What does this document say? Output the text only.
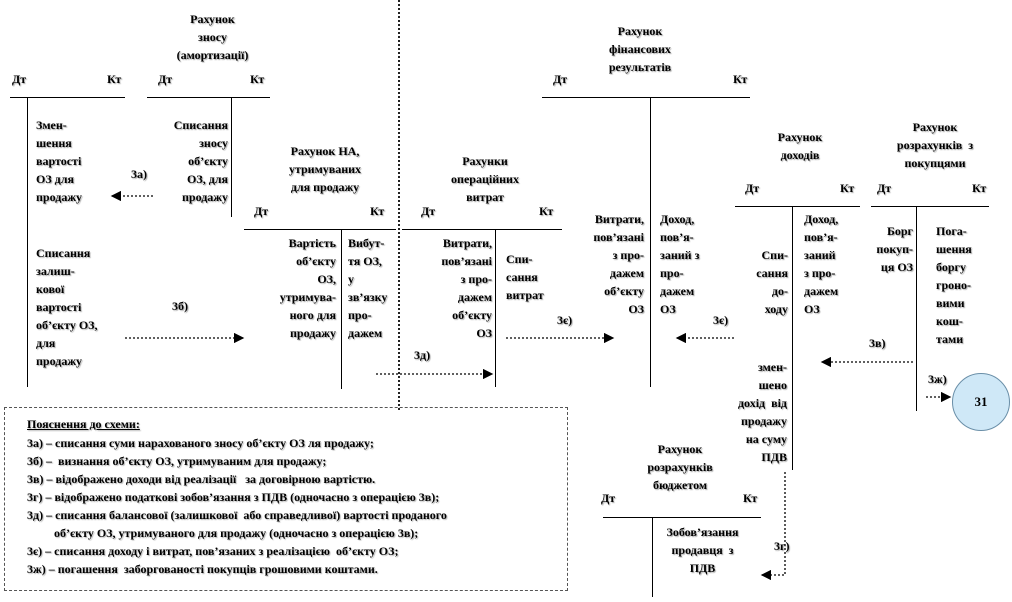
Рахунок
зносу
(амортизації)
Рахунок НА,
утримуваних
для продажу
Рахунки
операційних
витрат
Рахунок
фінансових
результатів
Рахунок
доходів
Рахунок
розрахунків  з
покупцями
Рахунок
розрахунків
бюджетом
Дт	Кт	Дт	Кт
Дт	Кт	Дт	Кт
Дт	Кт
Дт	Кт Дт	Кт
Дт	Кт
Змен-
шення
вартості
ОЗ для
продажу
Списання
залиш-
кової
вартості
об’єкту ОЗ,
для
продажу
Списання
зносу
об’єкту
ОЗ, для
продажу
Вартість
об’єкту
ОЗ,
утримува-
ного для
продажу
Вибут-
тя ОЗ,
у
зв’язку
про-
дажем
Витрати,
пов’язані
з про-
дажем
об’єкту
ОЗ
Спи-
сання
витрат
Витрати,
пов’язані
з про-
дажем
об’єкту
ОЗ
Доход,
пов’я-
заний з
про-
дажем
ОЗ
Спи-
сання
до-
ходу
змен-
шено
дохід  від
продажу
на суму
ПДВ
Доход,
пов’я-
заний
з про-
дажем
ОЗ
Борг
покуп-
ця ОЗ
Пога-
шення
боргу
гроно-
вими
кош-
тами
Зобов’язання
продавця  з
ПДВ
3а)
3б)
3д)
3є)	3є)
3в)
3ж)
3г)
31
Пояснення до схеми:
3а) – списання суми нарахованого зносу об’єкту ОЗ ля продажу;
3б) –  визнання об’єкту ОЗ, утримуваним для продажу;
3в) – відображено доходи від реалізації   за договірною вартістю.
3г) – відображено податкові зобов’язання з ПДВ (одночасно з операцією 3в);
3д) – списання балансової (залишкової  або справедливої) вартості проданого
об’єкту ОЗ, утримуваного для продажу (одночасно з операцією 3в);
3є) – списання доходу і витрат, пов’язаних з реалізацією  об’єкту ОЗ;
3ж) – погашення  заборгованості покупців грошовими коштами.
